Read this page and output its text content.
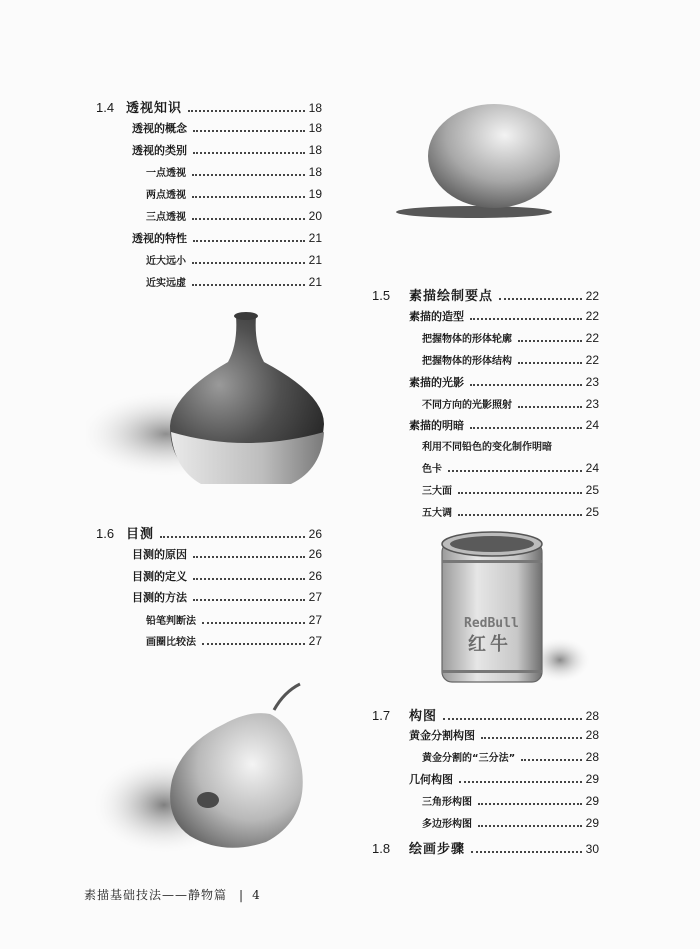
1.4 透视知识	18
透视的概念	18
透视的类别	18
一点透视	18
两点透视	19
三点透视	20
透视的特性	21
近大远小	21
近实远虚	21
1.6 目测	26
目测的原因	26
目测的定义	26
目测的方法	27
铅笔判断法	27
画圈比较法	27
1.5	素描绘制要点	22
素描的造型	22
把握物体的形体轮廓	22
把握物体的形体结构	22
素描的光影	23
不同方向的光影照射	23
素描的明暗	24
利用不同铅色的变化制作明暗
色卡	24
三大面	25
五大调	25
RedBull
红牛
1.7	构图	28
黄金分割构图	28
黄金分割的“三分法”	28
几何构图	29
三角形构图	29
多边形构图	29
1.8	绘画步骤	30
素描基础技法——静物篇 | 4
